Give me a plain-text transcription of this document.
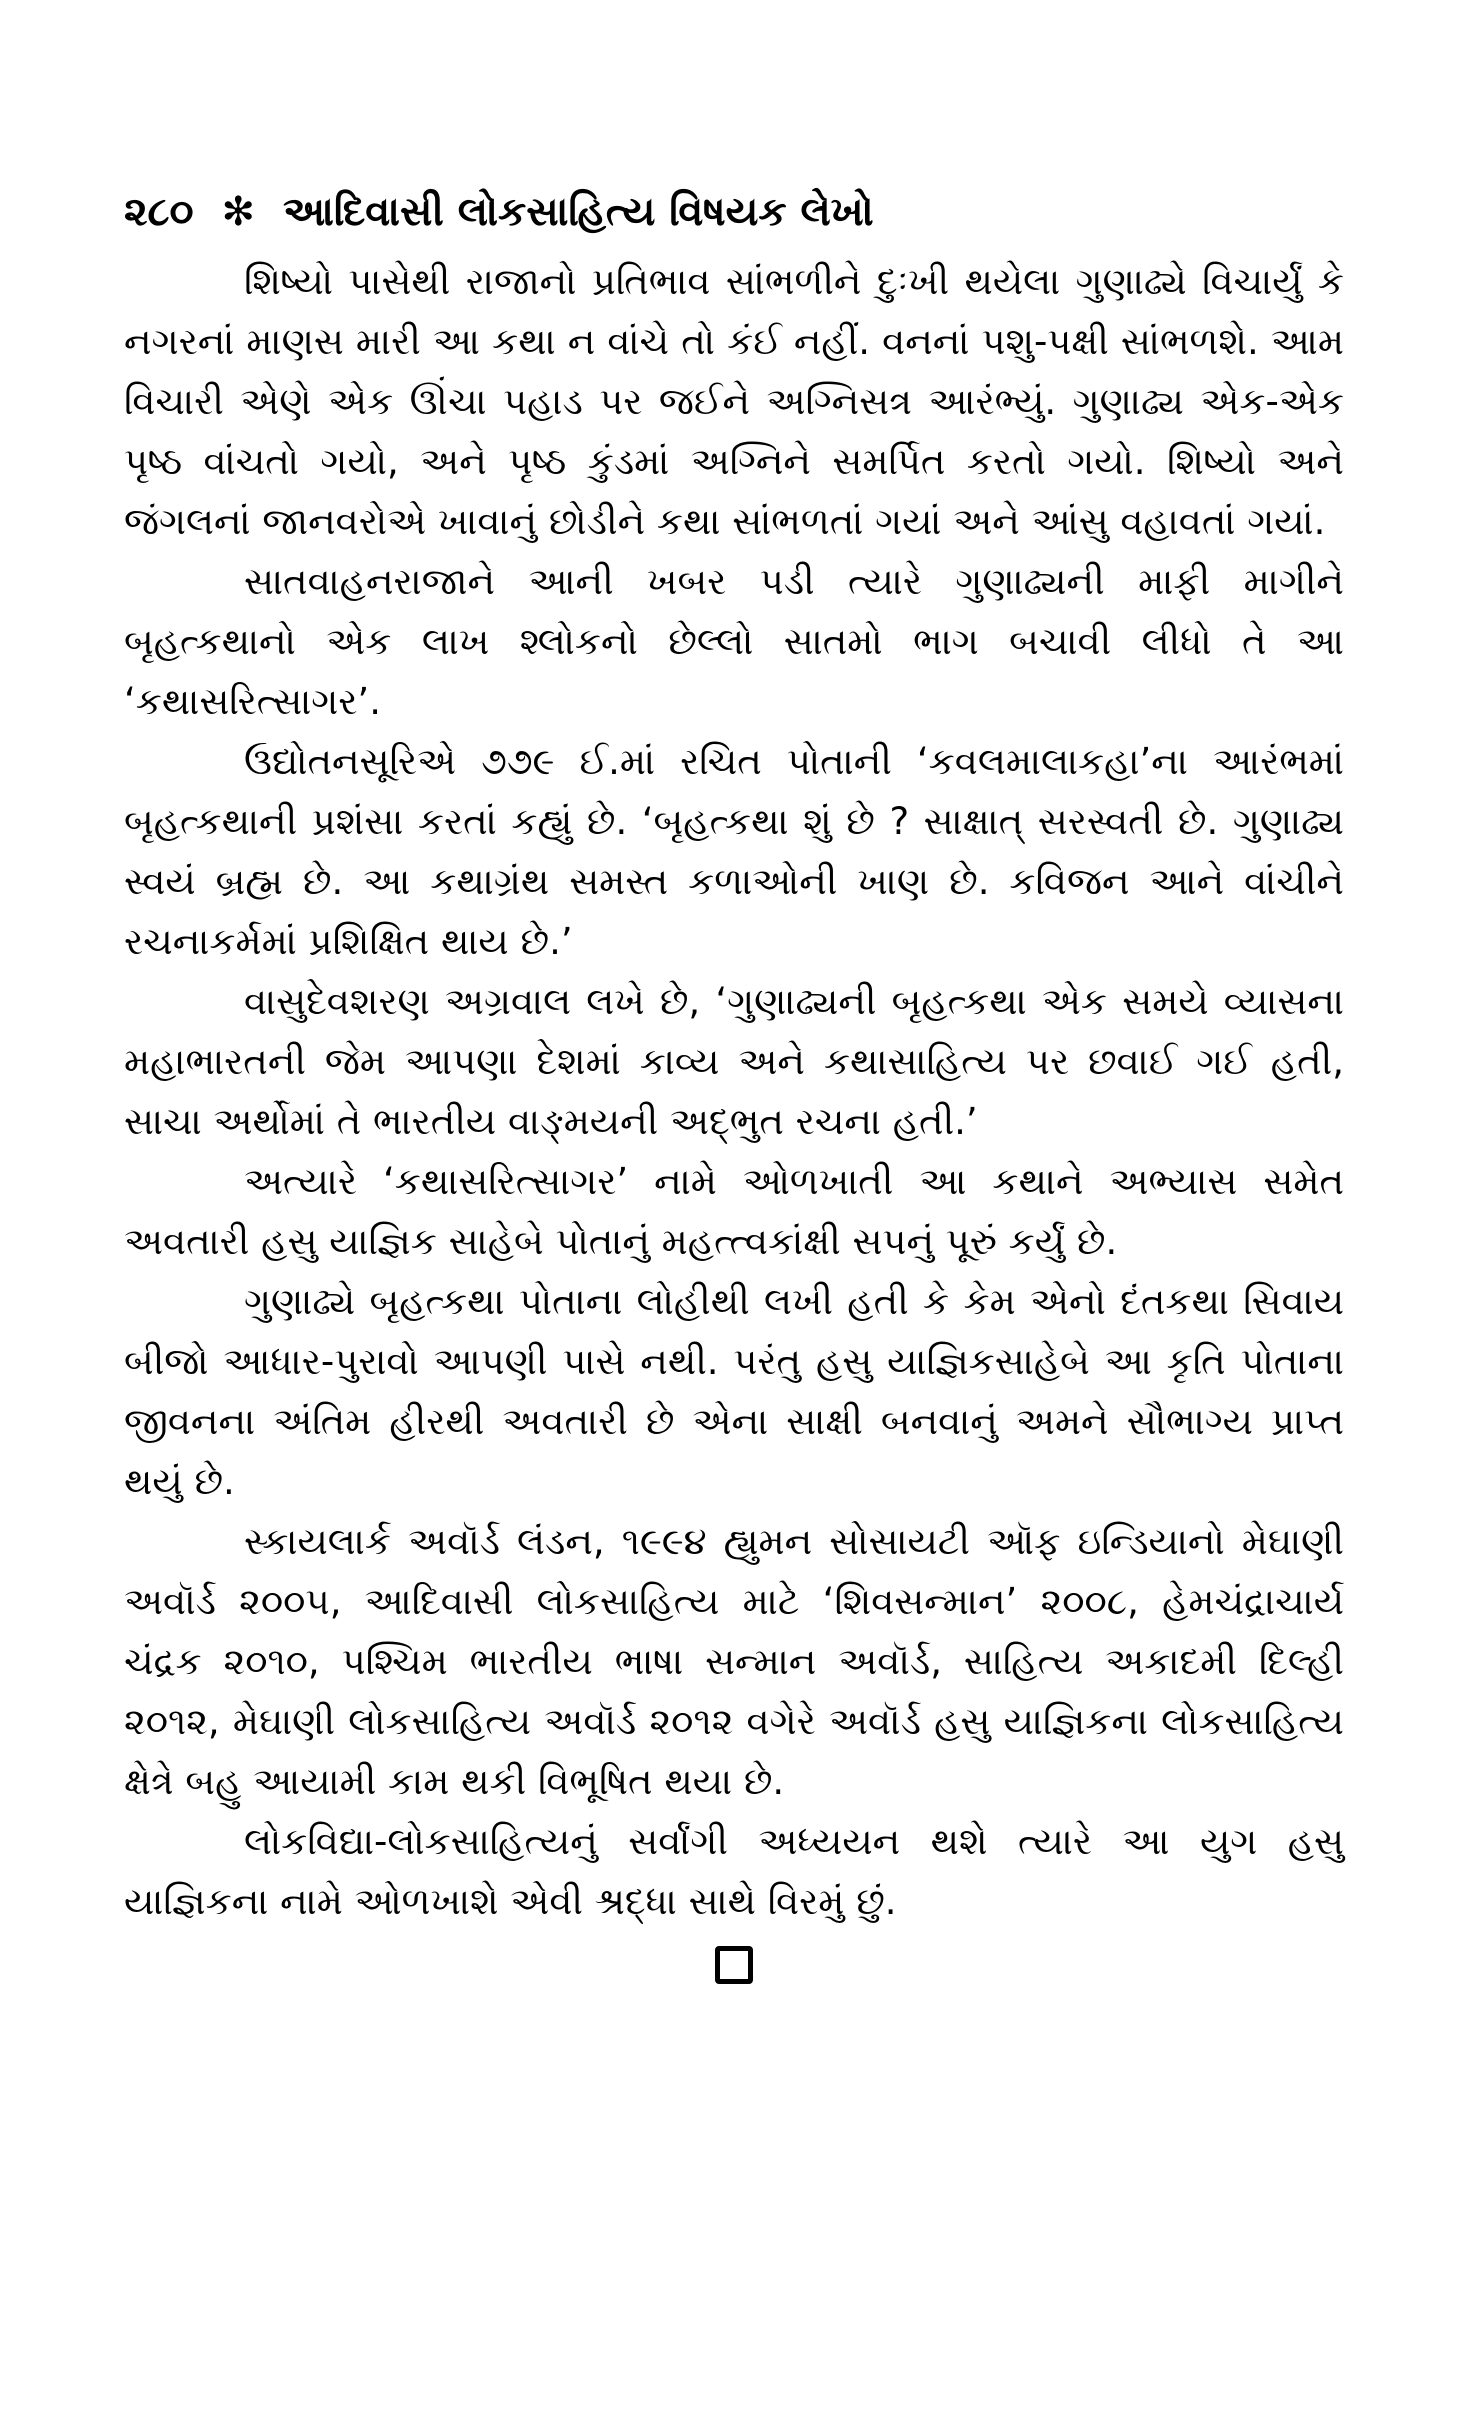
૨૮૦ ✻ આદિવાસી લોકસાહિત્ય વિષયક લેખો

શિષ્યો પાસેથી રાજાનો પ્રતિભાવ સાંભળીને દુઃખી થયેલા ગુણાઢ્યે વિચાર્યું કે નગરનાં માણસ મારી આ કથા ન વાંચે તો કંઈ નહીં. વનનાં પશુ-પક્ષી સાંભળશે. આમ વિચારી એણે એક ઊંચા પહાડ પર જઈને અગ્નિસત્ર આરંભ્યું. ગુણાઢ્ય એક-એક પૃષ્ઠ વાંચતો ગયો, અને પૃષ્ઠ કુંડમાં અગ્નિને સમર્પિત કરતો ગયો. શિષ્યો અને જંગલનાં જાનવરોએ ખાવાનું છોડીને કથા સાંભળતાં ગયાં અને આંસુ વહાવતાં ગયાં.

સાતવાહનરાજાને આની ખબર પડી ત્યારે ગુણાઢ્યની માફી માગીને બૃહત્કથાનો એક લાખ શ્લોકનો છેલ્લો સાતમો ભાગ બચાવી લીધો તે આ ‘કથાસરિત્સાગર’.

ઉદ્યોતનસૂરિએ ૭૭૯ ઈ.માં રચિત પોતાની ‘કવલમાલાકહા’ના આરંભમાં બૃહત્કથાની પ્રશંસા કરતાં કહ્યું છે. ‘બૃહત્કથા શું છે ? સાક્ષાત્ સરસ્વતી છે. ગુણાઢ્ય સ્વયં બ્રહ્મ છે. આ કથાગ્રંથ સમસ્ત કળાઓની ખાણ છે. કવિજન આને વાંચીને રચનાકર્મમાં પ્રશિક્ષિત થાય છે.’

વાસુદેવશરણ અગ્રવાલ લખે છે, ‘ગુણાઢ્યની બૃહત્કથા એક સમયે વ્યાસના મહાભારતની જેમ આપણા દેશમાં કાવ્ય અને કથાસાહિત્ય પર છવાઈ ગઈ હતી, સાચા અર્થોમાં તે ભારતીય વાઙ્મયની અદ્ભુત રચના હતી.’

અત્યારે ‘કથાસરિત્સાગર’ નામે ઓળખાતી આ કથાને અભ્યાસ સમેત અવતારી હસુ યાજ્ઞિક સાહેબે પોતાનું મહત્ત્વકાંક્ષી સપનું પૂરું કર્યું છે.

ગુણાઢ્યે બૃહત્કથા પોતાના લોહીથી લખી હતી કે કેમ એનો દંતકથા સિવાય બીજો આધાર-પુરાવો આપણી પાસે નથી. પરંતુ હસુ યાજ્ઞિકસાહેબે આ કૃતિ પોતાના જીવનના અંતિમ હીરથી અવતારી છે એના સાક્ષી બનવાનું અમને સૌભાગ્ય પ્રાપ્ત થયું છે.

સ્કાયલાર્ક અવૉર્ડ લંડન, ૧૯૯૪ હ્યુમન સોસાયટી ઑફ ઇન્ડિયાનો મેઘાણી અવૉર્ડ ૨૦૦૫, આદિવાસી લોકસાહિત્ય માટે ‘શિવસન્માન’ ૨૦૦૮, હેમચંદ્રાચાર્ય ચંદ્રક ૨૦૧૦, પશ્ચિમ ભારતીય ભાષા સન્માન અવૉર્ડ, સાહિત્ય અકાદમી દિલ્હી ૨૦૧૨, મેઘાણી લોકસાહિત્ય અવૉર્ડ ૨૦૧૨ વગેરે અવૉર્ડ હસુ યાજ્ઞિકના લોકસાહિત્ય ક્ષેત્રે બહુ આયામી કામ થકી વિભૂષિત થયા છે.

લોકવિદ્યા-લોકસાહિત્યનું સર્વાંગી અધ્યયન થશે ત્યારે આ યુગ હસુ યાજ્ઞિકના નામે ઓળખાશે એવી શ્રદ્ધા સાથે વિરમું છું.
